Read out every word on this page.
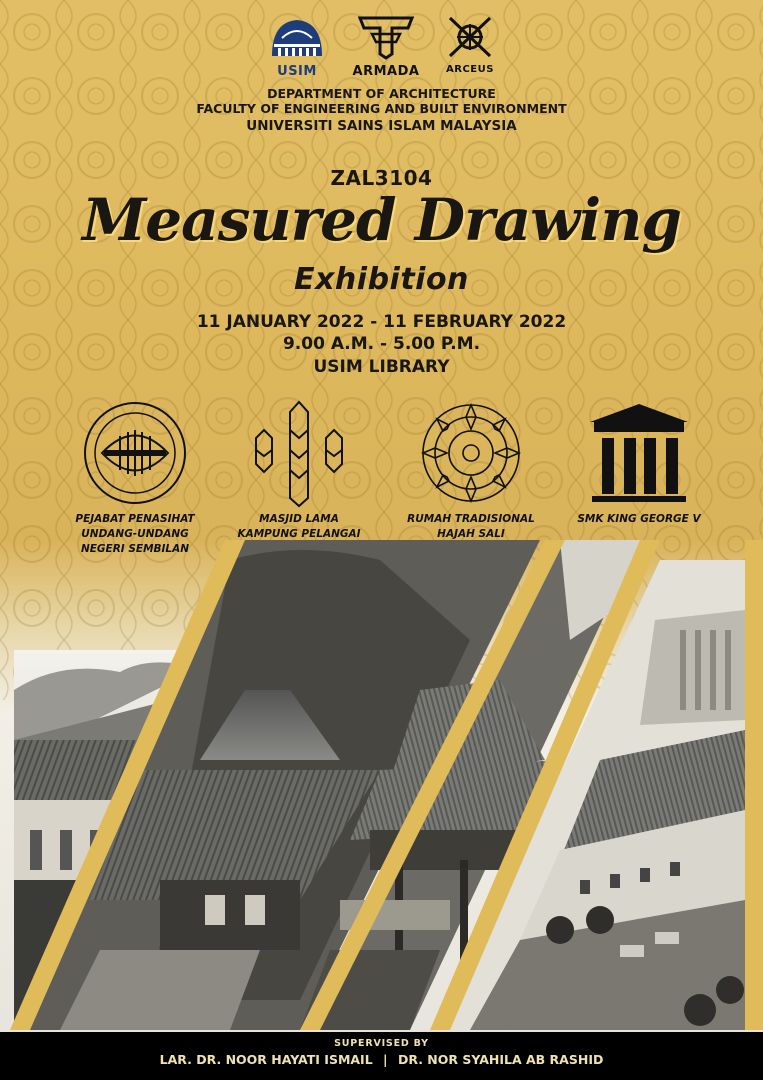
USIM	ARMADA	ARCEUS
DEPARTMENT OF ARCHITECTURE
FACULTY OF ENGINEERING AND BUILT ENVIRONMENT
UNIVERSITI SAINS ISLAM MALAYSIA
ZAL3104
Measured Drawing
Exhibition
11 JANUARY 2022 - 11 FEBRUARY 2022
9.00 A.M. - 5.00 P.M.
USIM LIBRARY
PEJABAT PENASIHAT
UNDANG-UNDANG
NEGERI SEMBILAN
MASJID LAMA
KAMPUNG PELANGAI
RUMAH TRADISIONAL
HAJAH SALI
SMK KING GEORGE V
SUPERVISED BY
LAR. DR. NOOR HAYATI ISMAIL | DR. NOR SYAHILA AB RASHID
